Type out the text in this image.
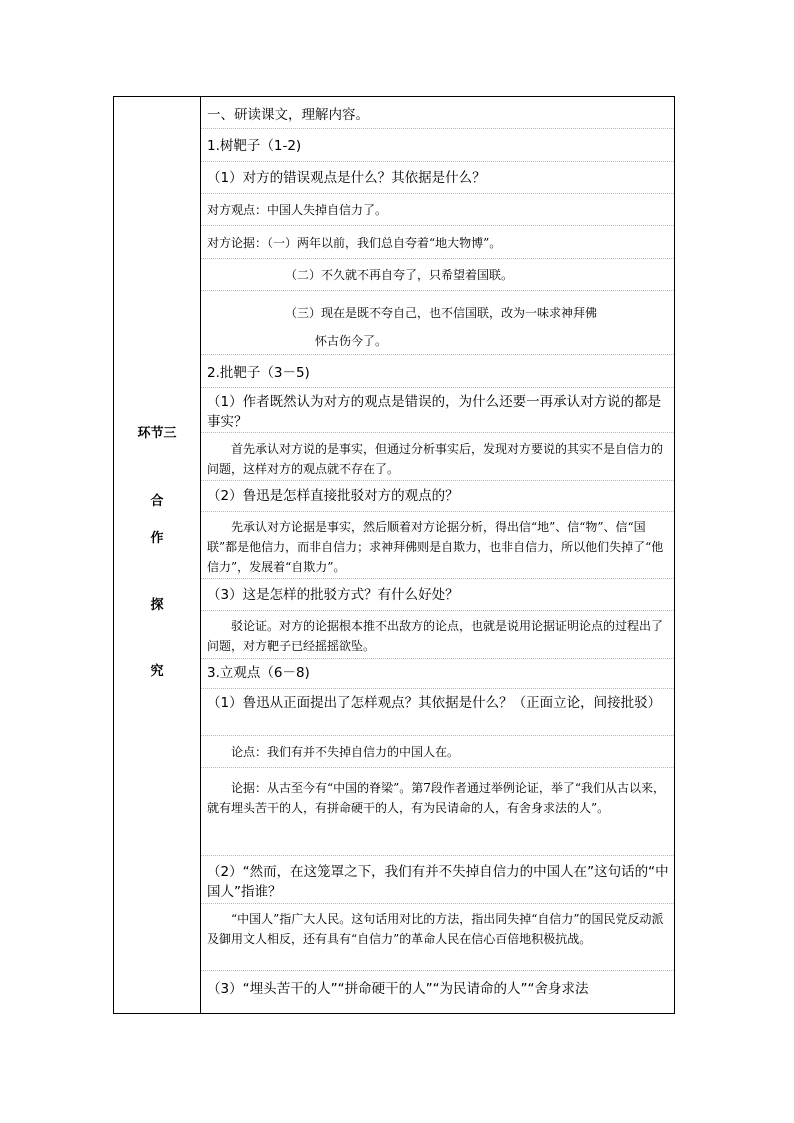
环节三
合
作
探
究
一、研读课文，理解内容。
1.树靶子（1-2)
（1）对方的错误观点是什么？其依据是什么？
对方观点：中国人失掉自信力了。
对方论据：（一）两年以前，我们总自夸着“地大物博”。
（二）不久就不再自夸了，只希望着国联。
（三）现在是既不夸自己，也不信国联，改为一味求神拜佛
怀古伤今了。
2.批靶子（3－5)
（1）作者既然认为对方的观点是错误的，为什么还要一再承认对方说的都是事实？
首先承认对方说的是事实，但通过分析事实后，发现对方要说的其实不是自信力的问题，这样对方的观点就不存在了。
（2）鲁迅是怎样直接批驳对方的观点的？
先承认对方论据是事实，然后顺着对方论据分析，得出信“地”、信“物”、信“国联”都是他信力，而非自信力；求神拜佛则是自欺力，也非自信力，所以他们失掉了“他信力”，发展着“自欺力”。
（3）这是怎样的批驳方式？有什么好处？
驳论证。对方的论据根本推不出敌方的论点，也就是说用论据证明论点的过程出了问题，对方靶子已经摇摇欲坠。
3.立观点（6－8)
（1）鲁迅从正面提出了怎样观点？其依据是什么？（正面立论，间接批驳）
论点：我们有并不失掉自信力的中国人在。
论据：从古至今有“中国的脊梁”。第7段作者通过举例论证，举了“我们从古以来，就有埋头苦干的人，有拼命硬干的人，有为民请命的人，有舍身求法的人”。
（2）“然而，在这笼罩之下，我们有并不失掉自信力的中国人在”这句话的“中国人”指谁？
“中国人”指广大人民。这句话用对比的方法，指出同失掉“自信力”的国民党反动派及御用文人相反，还有具有“自信力”的革命人民在信心百倍地积极抗战。
（3）“埋头苦干的人”“拼命硬干的人”“为民请命的人”“舍身求法
